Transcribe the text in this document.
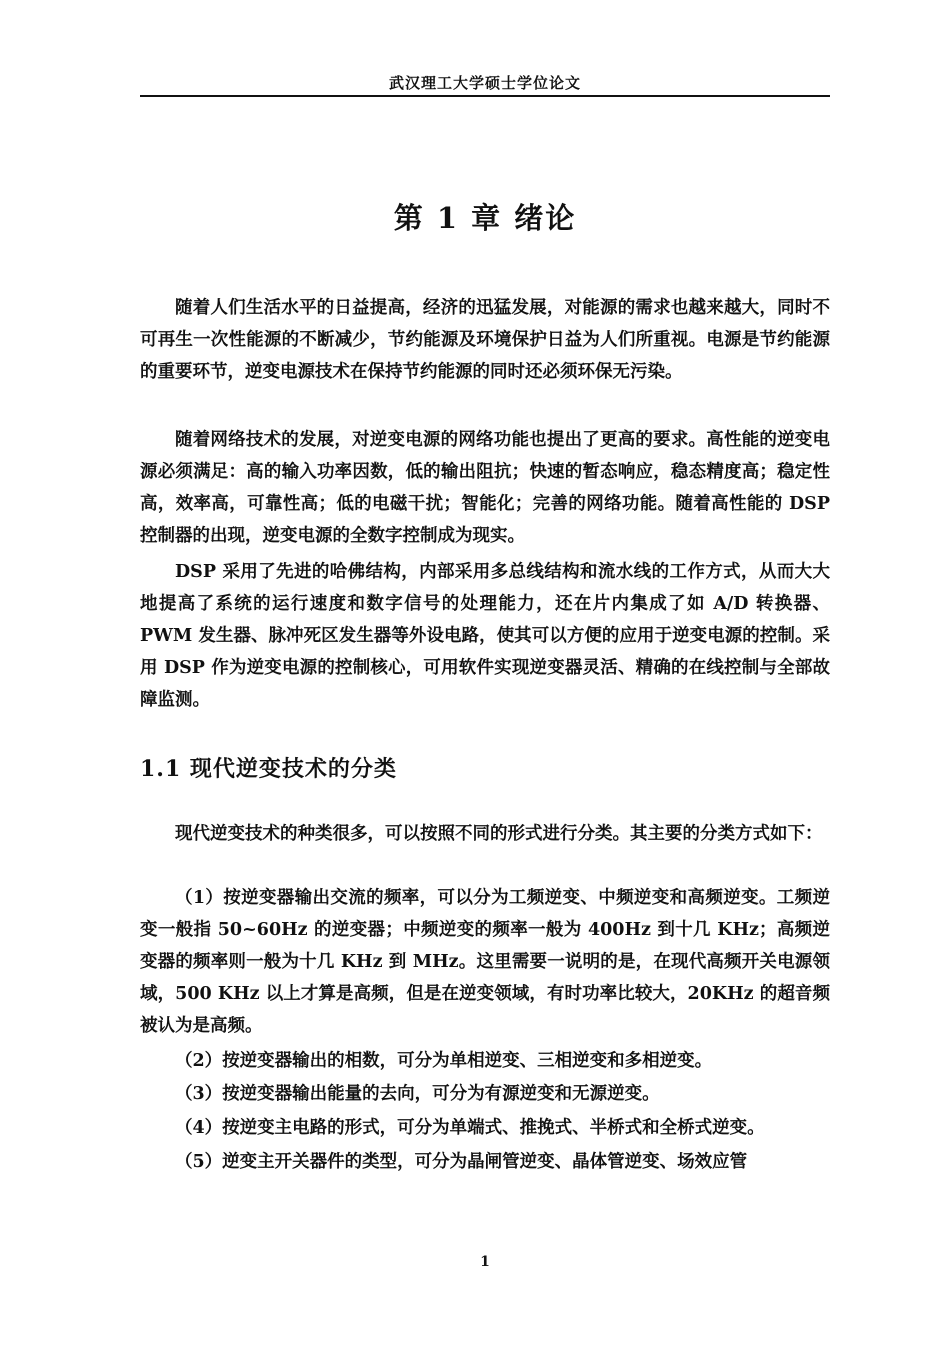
武汉理工大学硕士学位论文
第 1 章 绪论

随着人们生活水平的日益提高，经济的迅猛发展，对能源的需求也越来越大，同时不可再生一次性能源的不断减少，节约能源及环境保护日益为人们所重视。电源是节约能源的重要环节，逆变电源技术在保持节约能源的同时还必须环保无污染。

随着网络技术的发展，对逆变电源的网络功能也提出了更高的要求。高性能的逆变电源必须满足：高的输入功率因数，低的输出阻抗；快速的暂态响应，稳态精度高；稳定性高，效率高，可靠性高；低的电磁干扰；智能化；完善的网络功能。随着高性能的 DSP 控制器的出现，逆变电源的全数字控制成为现实。

DSP 采用了先进的哈佛结构，内部采用多总线结构和流水线的工作方式，从而大大地提高了系统的运行速度和数字信号的处理能力，还在片内集成了如 A/D 转换器、PWM 发生器、脉冲死区发生器等外设电路，使其可以方便的应用于逆变电源的控制。采用 DSP 作为逆变电源的控制核心，可用软件实现逆变器灵活、精确的在线控制与全部故障监测。

1.1 现代逆变技术的分类

现代逆变技术的种类很多，可以按照不同的形式进行分类。其主要的分类方式如下：

（1）按逆变器输出交流的频率，可以分为工频逆变、中频逆变和高频逆变。工频逆变一般指 50~60Hz 的逆变器；中频逆变的频率一般为 400Hz 到十几 KHz；高频逆变器的频率则一般为十几 KHz 到 MHz。这里需要一说明的是，在现代高频开关电源领域，500 KHz 以上才算是高频，但是在逆变领域，有时功率比较大，20KHz 的超音频被认为是高频。

（2）按逆变器输出的相数，可分为单相逆变、三相逆变和多相逆变。

（3）按逆变器输出能量的去向，可分为有源逆变和无源逆变。

（4）按逆变主电路的形式，可分为单端式、推挽式、半桥式和全桥式逆变。

（5）逆变主开关器件的类型，可分为晶闸管逆变、晶体管逆变、场效应管

1
